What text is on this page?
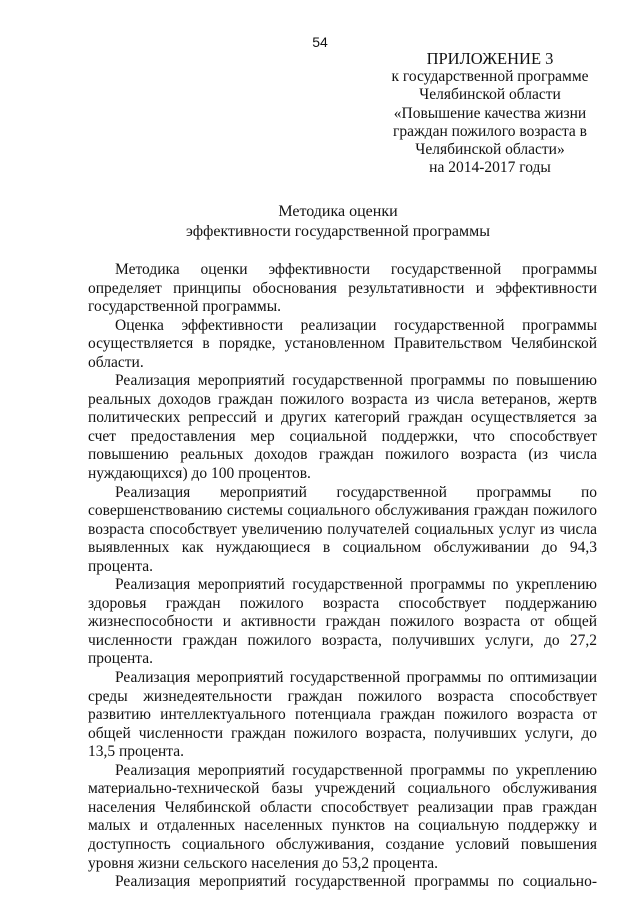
54
ПРИЛОЖЕНИЕ 3
к государственной программе
Челябинской области
«Повышение качества жизни
граждан пожилого возраста в
Челябинской области»
на 2014-2017 годы
Методика оценки
эффективности государственной программы

Методика оценки эффективности государственной программы определяет принципы обоснования результативности и эффективности государственной программы.

Оценка эффективности реализации государственной программы осуществляется в порядке, установленном Правительством Челябинской области.

Реализация мероприятий государственной программы по повышению реальных доходов граждан пожилого возраста из числа ветеранов, жертв политических репрессий и других категорий граждан осуществляется за счет предоставления мер социальной поддержки, что способствует повышению реальных доходов граждан пожилого возраста (из числа нуждающихся) до 100 процентов.

Реализация мероприятий государственной программы по совершенствованию системы социального обслуживания граждан пожилого возраста способствует увеличению получателей социальных услуг из числа выявленных как нуждающиеся в социальном обслуживании до 94,3 процента.

Реализация мероприятий государственной программы по укреплению здоровья граждан пожилого возраста способствует поддержанию жизнеспособности и активности граждан пожилого возраста от общей численности граждан пожилого возраста, получивших услуги, до 27,2 процента.

Реализация мероприятий государственной программы по оптимизации среды жизнедеятельности граждан пожилого возраста способствует развитию интеллектуального потенциала граждан пожилого возраста от общей численности граждан пожилого возраста, получивших услуги, до 13,5 процента.

Реализация мероприятий государственной программы по укреплению материально-технической базы учреждений социального обслуживания населения Челябинской области способствует реализации прав граждан малых и отдаленных населенных пунктов на социальную поддержку и доступность социального обслуживания, создание условий повышения уровня жизни сельского населения до 53,2 процента.

Реализация мероприятий государственной программы по социально-
